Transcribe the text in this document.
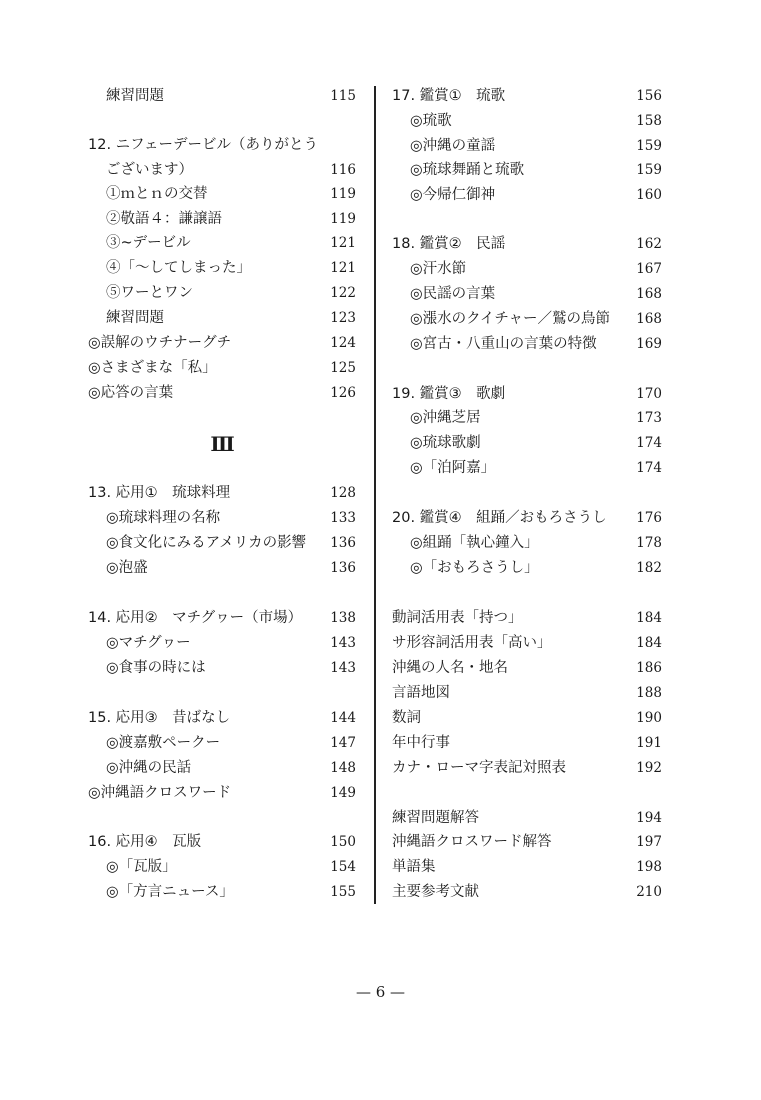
練習問題	115
12. ニフェーデービル（ありがとう
ございます）	116
①ｍとｎの交替	119
②敬語４：謙譲語	119
③~デービル	121
④「～してしまった」	121
⑤ワーとワン	122
練習問題	123
◎誤解のウチナーグチ	124
◎さまざまな「私」	125
◎応答の言葉	126
Ⅲ
13. 応用①　琉球料理	128
◎琉球料理の名称	133
◎食文化にみるアメリカの影響 136
◎泡盛	136
14. 応用②　マチグヮー（市場） 138
◎マチグヮー	143
◎食事の時には	143
15. 応用③　昔ばなし	144
◎渡嘉敷ペークー	147
◎沖縄の民話	148
◎沖縄語クロスワード	149
16. 応用④　瓦版	150
◎「瓦版」	154
◎「方言ニュース」	155
17. 鑑賞①　琉歌	156
◎琉歌	158
◎沖縄の童謡	159
◎琉球舞踊と琉歌	159
◎今帰仁御神	160
18. 鑑賞②　民謡	162
◎汗水節	167
◎民謡の言葉	168
◎漲水のクイチャー／鷲の鳥節 168
◎宮古・八重山の言葉の特徴	169
19. 鑑賞③　歌劇	170
◎沖縄芝居	173
◎琉球歌劇	174
◎「泊阿嘉」	174
20. 鑑賞④　組踊／おもろさうし 176
◎組踊「執心鐘入」	178
◎「おもろさうし」	182
動詞活用表「持つ」	184
サ形容詞活用表「高い」	184
沖縄の人名・地名	186
言語地図	188
数詞	190
年中行事	191
カナ・ローマ字表記対照表	192
練習問題解答	194
沖縄語クロスワード解答	197
単語集	198
主要参考文献	210
— 6 —
